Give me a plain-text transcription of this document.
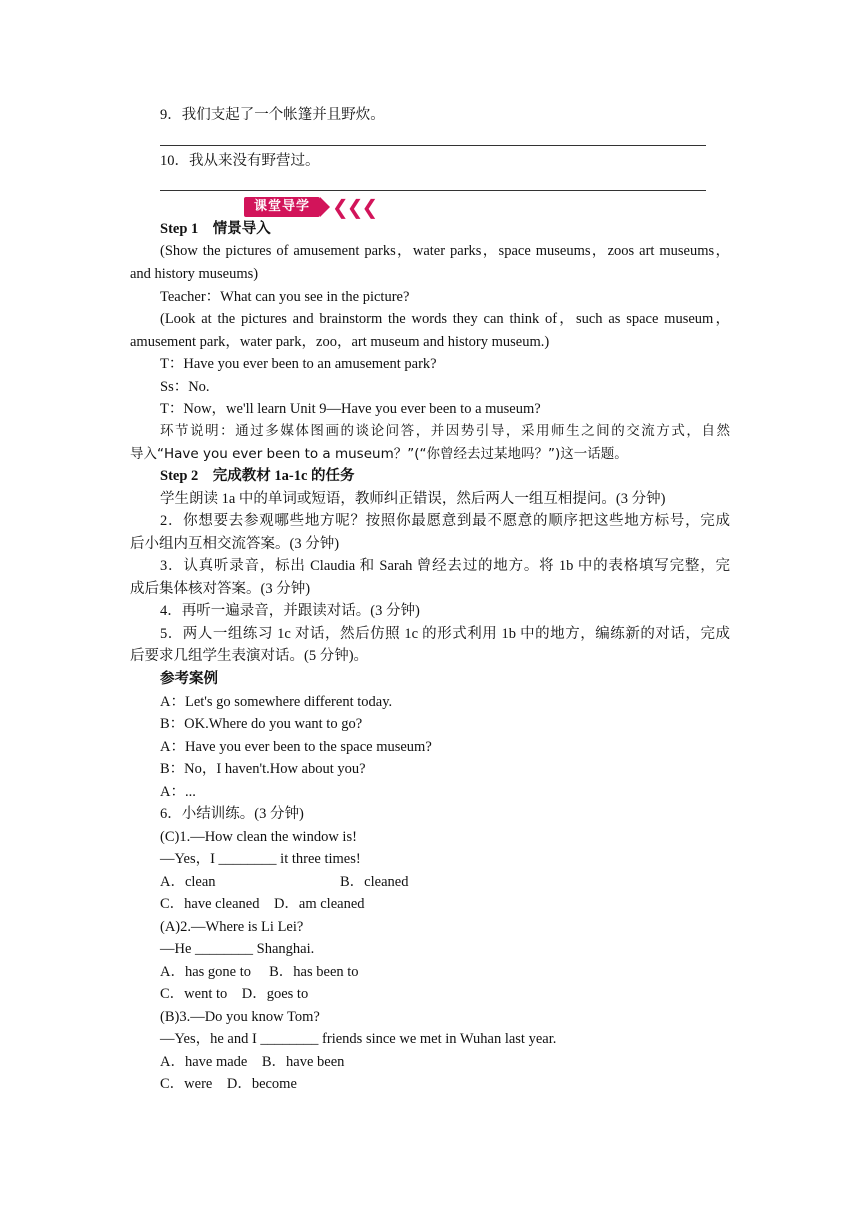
9．我们支起了一个帐篷并且野炊。
10．我从来没有野营过。
课堂导学	❮❮❮
Step 1　情景导入
(Show the pictures of amusement parks，water parks，space museums，zoos art museums，
and history museums)
Teacher：What can you see in the picture?
(Look at the pictures and brainstorm the words they can think of，such as space museum，
amusement park，water park，zoo，art museum and history museum.)
T：Have you ever been to an amusement park?
Ss：No.
T：Now，we'll learn Unit 9—Have you ever been to a museum?
环节说明：通过多媒体图画的谈论问答，并因势引导，采用师生之间的交流方式，自然
导入“Have you ever been to a museum？”(“你曾经去过某地吗？”)这一话题。
Step 2　完成教材 1a-1c 的任务
学生朗读 1a 中的单词或短语，教师纠正错误，然后两人一组互相提问。(3 分钟)
2．你想要去参观哪些地方呢？按照你最愿意到最不愿意的顺序把这些地方标号，完成
后小组内互相交流答案。(3 分钟)
3．认真听录音，标出 Claudia 和 Sarah 曾经去过的地方。将 1b 中的表格填写完整，完
成后集体核对答案。(3 分钟)
4．再听一遍录音，并跟读对话。(3 分钟)
5．两人一组练习 1c 对话，然后仿照 1c 的形式利用 1b 中的地方，编练新的对话，完成
后要求几组学生表演对话。(5 分钟)。
参考案例
A：Let's go somewhere different today.
B：OK.Where do you want to go?
A：Have you ever been to the space museum?
B：No，I haven't.How about you?
A：...
6．小结训练。(3 分钟)
(C)1.—How clean the window is!
—Yes，I ________ it three times!
A．clean	B．cleaned
C．have cleaned　D．am cleaned
(A)2.—Where is Li Lei?
—He ________ Shanghai.
A．has gone to　 B．has been to
C．went to　D．goes to
(B)3.—Do you know Tom?
—Yes，he and I ________ friends since we met in Wuhan last year.
A．have made　B．have been
C．were　D．become
